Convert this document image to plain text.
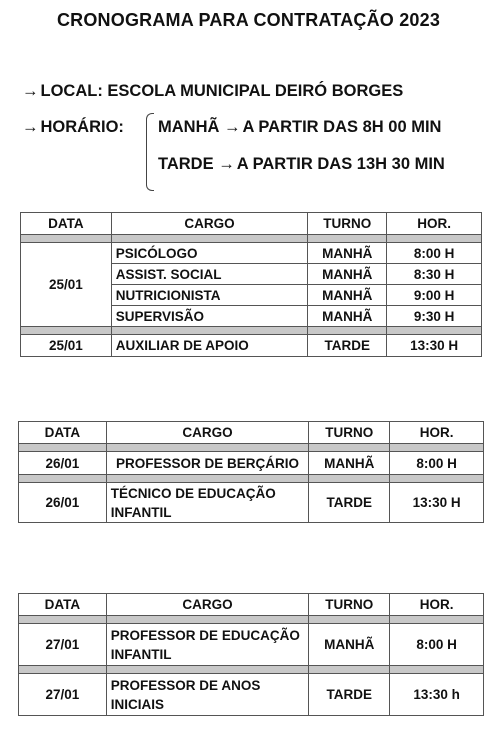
CRONOGRAMA PARA CONTRATAÇÃO 2023
→ LOCAL: ESCOLA MUNICIPAL DEIRÓ BORGES
→ HORÁRIO: MANHÃ → A PARTIR DAS 8H 00 MIN
TARDE → A PARTIR DAS 13H 30 MIN
DATA	CARGO	TURNO	HOR.

25/01	PSICÓLOGO	MANHÃ	8:00 H
	ASSIST. SOCIAL	MANHÃ	8:30 H
	NUTRICIONISTA	MANHÃ	9:00 H
	SUPERVISÃO	MANHÃ	9:30 H

25/01	AUXILIAR DE APOIO	TARDE	13:30 H
DATA	CARGO	TURNO	HOR.

26/01	PROFESSOR DE BERÇÁRIO	MANHÃ	8:00 H

26/01	TÉCNICO DE EDUCAÇÃO
INFANTIL	TARDE	13:30 H
DATA	CARGO	TURNO	HOR.

27/01	PROFESSOR DE EDUCAÇÃO
INFANTIL	MANHÃ	8:00 H

27/01	PROFESSOR DE ANOS
INICIAIS	TARDE	13:30 h
